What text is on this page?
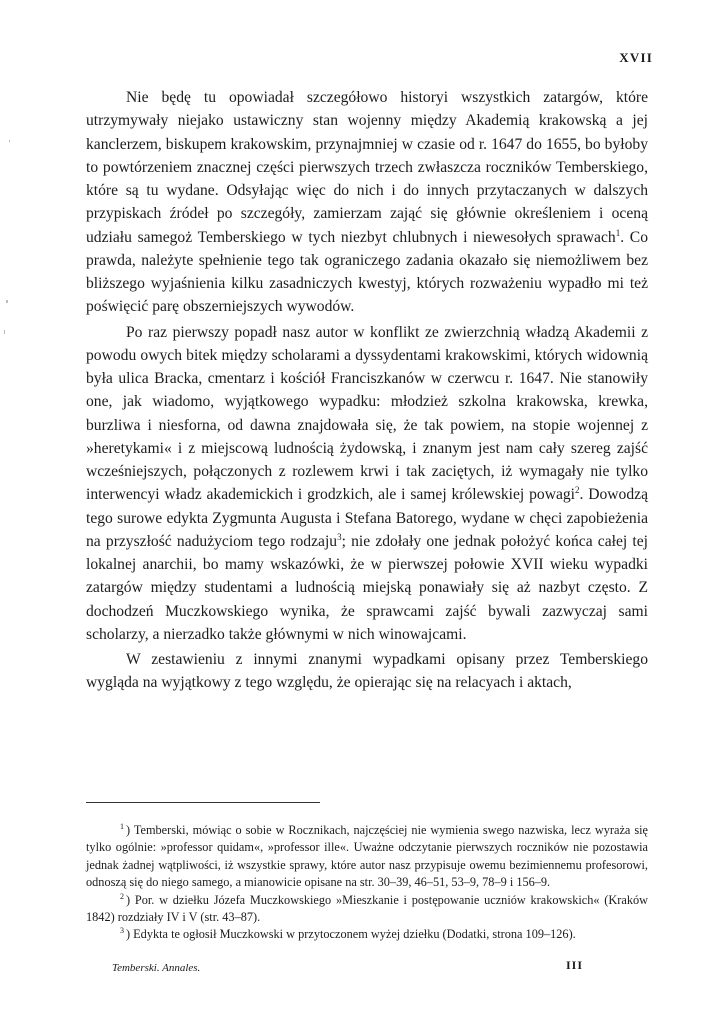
XVII

Nie będę tu opowiadał szczegółowo historyi wszystkich zatargów, które utrzymywały niejako ustawiczny stan wojenny między Akademią krakowską a jej kanclerzem, biskupem krakowskim, przynajmniej w czasie od r. 1647 do 1655, bo byłoby to powtórzeniem znacznej części pierwszych trzech zwłaszcza roczników Temberskiego, które są tu wydane. Odsyłając więc do nich i do innych przytaczanych w dalszych przypiskach źródeł po szczegóły, zamierzam zająć się głównie określeniem i oceną udziału samegoż Temberskiego w tych niezbyt chlubnych i niewesołych sprawach$^1$. Co prawda, należyte spełnienie tego tak ograniczego zadania okazało się niemożliwem bez bliższego wyjaśnienia kilku zasadniczych kwestyj, których rozważeniu wypadło mi też poświęcić parę obszerniejszych wywodów.

Po raz pierwszy popadł nasz autor w konflikt ze zwierzchnią władzą Akademii z powodu owych bitek między scholarami a dyssydentami krakowskimi, których widownią była ulica Bracka, cmentarz i kościół Franciszkanów w czerwcu r. 1647. Nie stanowiły one, jak wiadomo, wyjątkowego wypadku: młodzież szkolna krakowska, krewka, burzliwa i niesforna, od dawna znajdowała się, że tak powiem, na stopie wojennej z »heretykami« i z miejscową ludnością żydowską, i znanym jest nam cały szereg zajść wcześniejszych, połączonych z rozlewem krwi i tak zaciętych, iż wymagały nie tylko interwencyi władz akademickich i grodzkich, ale i samej królewskiej powagi$^2$. Dowodzą tego surowe edykta Zygmunta Augusta i Stefana Batorego, wydane w chęci zapobieżenia na przyszłość nadużyciom tego rodzaju$^3$; nie zdołały one jednak położyć końca całej tej lokalnej anarchii, bo mamy wskazówki, że w pierwszej połowie XVII wieku wypadki zatargów między studentami a ludnością miejską ponawiały się aż nazbyt często. Z dochodzeń Muczkowskiego wynika, że sprawcami zajść bywali zazwyczaj sami scholarzy, a nierzadko także głównymi w nich winowajcami.

W zestawieniu z innymi znanymi wypadkami opisany przez Temberskiego wygląda na wyjątkowy z tego względu, że opierając się na relacyach i aktach,

$^1$ ) Temberski, mówiąc o sobie w Rocznikach, najczęściej nie wymienia swego nazwiska, lecz wyraża się tylko ogólnie: »professor quidam«, »professor ille«. Uważne odczytanie pierwszych roczników nie pozostawia jednak żadnej wątpliwości, iż wszystkie sprawy, które autor nasz przypisuje owemu bezimiennemu profesorowi, odnoszą się do niego samego, a mianowicie opisane na str. 30–39, 46–51, 53–9, 78–9 i 156–9.

$^2$ ) Por. w dziełku Józefa Muczkowskiego »Mieszkanie i postępowanie uczniów krakowskich« (Kraków 1842) rozdziały IV i V (str. 43–87).

$^3$ ) Edykta te ogłosił Muczkowski w przytoczonem wyżej dziełku (Dodatki, strona 109–126).

Temberski. Annales.	III
